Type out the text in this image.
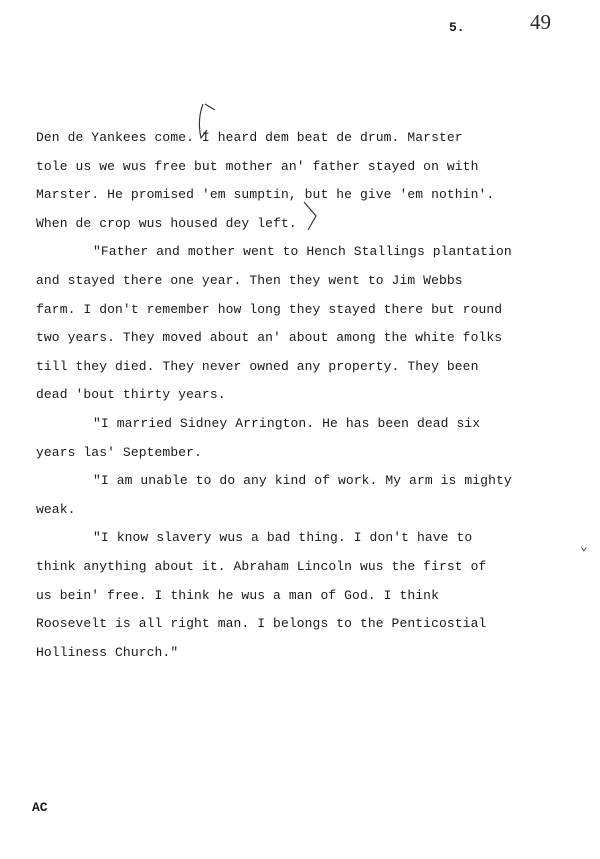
5.	49
Den de Yankees come. I heard dem beat de drum. Marster
tole us we wus free but mother an' father stayed on with
Marster. He promised 'em sumptin, but he give 'em nothin'.
When de crop wus housed dey left.
"Father and mother went to Hench Stallings plantation
and stayed there one year. Then they went to Jim Webbs
farm. I don't remember how long they stayed there but round
two years. They moved about an' about among the white folks
till they died. They never owned any property. They been
dead 'bout thirty years.
"I married Sidney Arrington. He has been dead six
years las' September.
"I am unable to do any kind of work. My arm is mighty
weak.
"I know slavery wus a bad thing. I don't have to
think anything about it. Abraham Lincoln wus the first of
us bein' free. I think he wus a man of God. I think
Roosevelt is all right man. I belongs to the Penticostial
Holliness Church."
⌄
AC
